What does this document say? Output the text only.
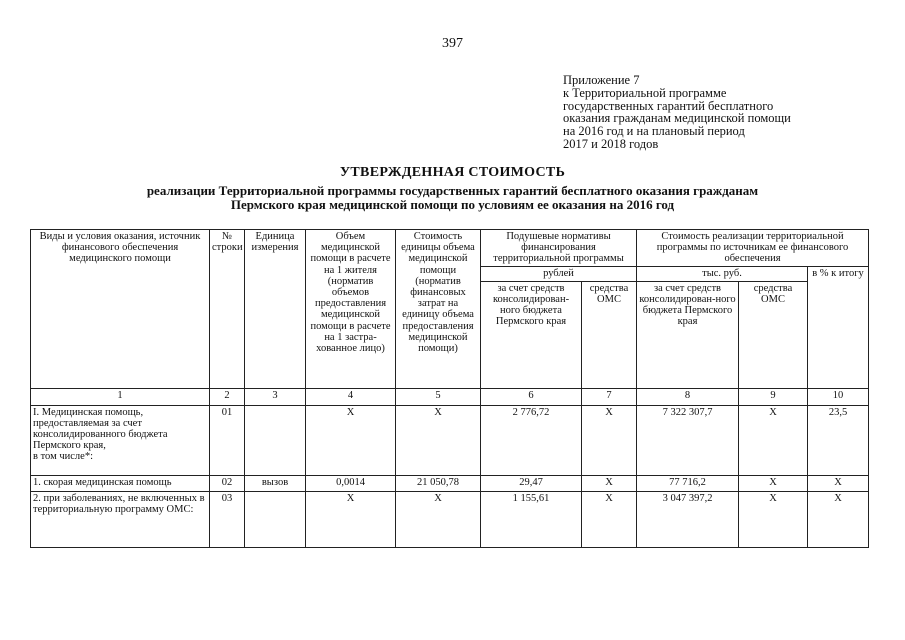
397
Приложение 7
к Территориальной программе
государственных гарантий бесплатного
оказания гражданам медицинской помощи
на 2016 год и на плановый период
2017 и 2018 годов
УТВЕРЖДЕННАЯ СТОИМОСТЬ
реализации Территориальной программы государственных гарантий бесплатного оказания гражданам
Пермского края медицинской помощи по условиям ее оказания на 2016 год
Виды и условия оказания, источник финансового обеспечения медицинского помощи	№ строки	Единица измерения	Объем медицинской помощи в расчете на 1 жителя (норматив объемов предоставления медицинской помощи в расчете на 1 застра-хованное лицо)	Стоимость единицы объема медицинской помощи (норматив финансовых затрат на единицу объема предоставления медицинской помощи)	Подушевые нормативы финансирования территориальной программы		Стоимость реализации территориальной программы по источникам ее финансового обеспечения		
					рублей		тыс. руб.		в % к итогу
					за счет средств консолидирован-ного бюджета Пермского края	средства ОМС	за счет средств консолидирован-ного бюджета Пермского края	средства ОМС	
1	2	3	4	5	6	7	8	9	10

I. Медицинская помощь, предоставляемая за счет консолидированного бюджета Пермского края,
в том числе*:	01		X	X	2 776,72	X	7 322 307,7	X	23,5

1. скорая медицинская помощь	02	вызов	0,0014	21 050,78	29,47	X	77 716,2	X	X

2. при заболеваниях, не включенных в территориальную программу ОМС:	03		X	X	1 155,61	X	3 047 397,2	X	X
